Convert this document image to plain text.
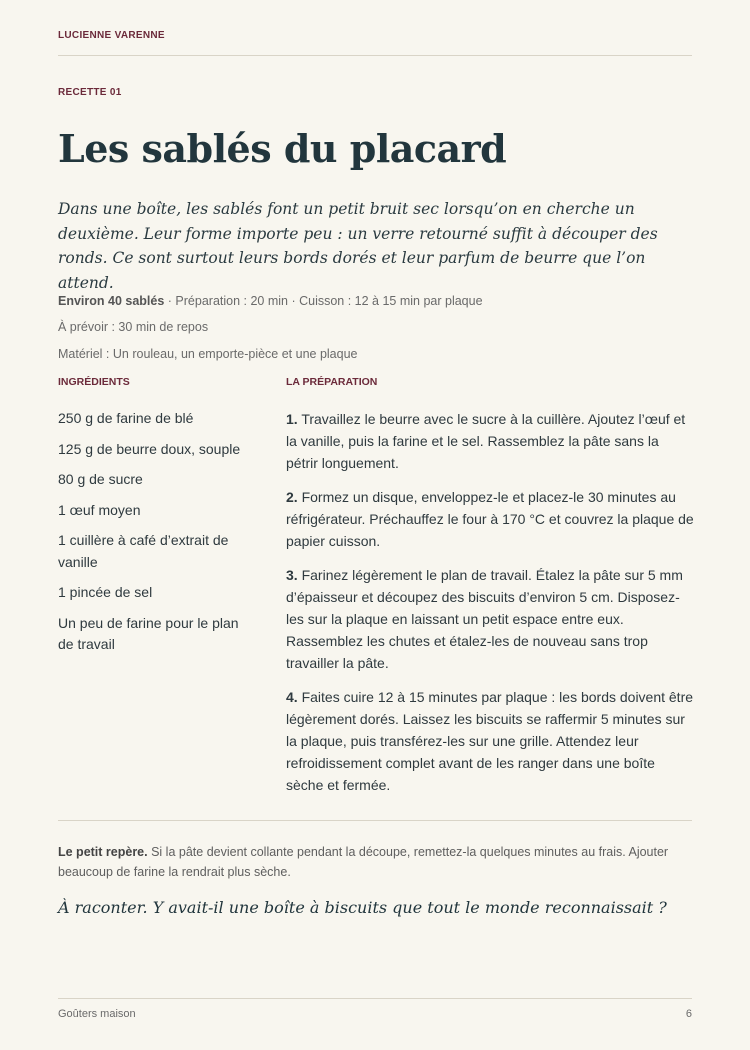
LUCIENNE VARENNE
RECETTE 01
Les sablés du placard

Dans une boîte, les sablés font un petit bruit sec lorsqu’on en cherche un deuxième. Leur forme importe peu : un verre retourné suffit à découper des ronds. Ce sont surtout leurs bords dorés et leur parfum de beurre que l’on attend.

Environ 40 sablés · Préparation : 20 min · Cuisson : 12 à 15 min par plaque
À prévoir : 30 min de repos
Matériel : Un rouleau, un emporte-pièce et une plaque
INGRÉDIENTS	LA PRÉPARATION
250 g de farine de blé
125 g de beurre doux, souple
80 g de sucre
1 œuf moyen
1 cuillère à café d’extrait de vanille
1 pincée de sel
Un peu de farine pour le plan de travail
1. Travaillez le beurre avec le sucre à la cuillère. Ajoutez l’œuf et la vanille, puis la farine et le sel. Rassemblez la pâte sans la pétrir longuement.
2. Formez un disque, enveloppez-le et placez-le 30 minutes au réfrigérateur. Préchauffez le four à 170 °C et couvrez la plaque de papier cuisson.
3. Farinez légèrement le plan de travail. Étalez la pâte sur 5 mm d’épaisseur et découpez des biscuits d’environ 5 cm. Disposez-les sur la plaque en laissant un petit espace entre eux. Rassemblez les chutes et étalez-les de nouveau sans trop travailler la pâte.
4. Faites cuire 12 à 15 minutes par plaque : les bords doivent être légèrement dorés. Laissez les biscuits se raffermir 5 minutes sur la plaque, puis transférez-les sur une grille. Attendez leur refroidissement complet avant de les ranger dans une boîte sèche et fermée.

Le petit repère. Si la pâte devient collante pendant la découpe, remettez-la quelques minutes au frais. Ajouter beaucoup de farine la rendrait plus sèche.

À raconter. Y avait-il une boîte à biscuits que tout le monde reconnaissait ?

Goûters maison	6
